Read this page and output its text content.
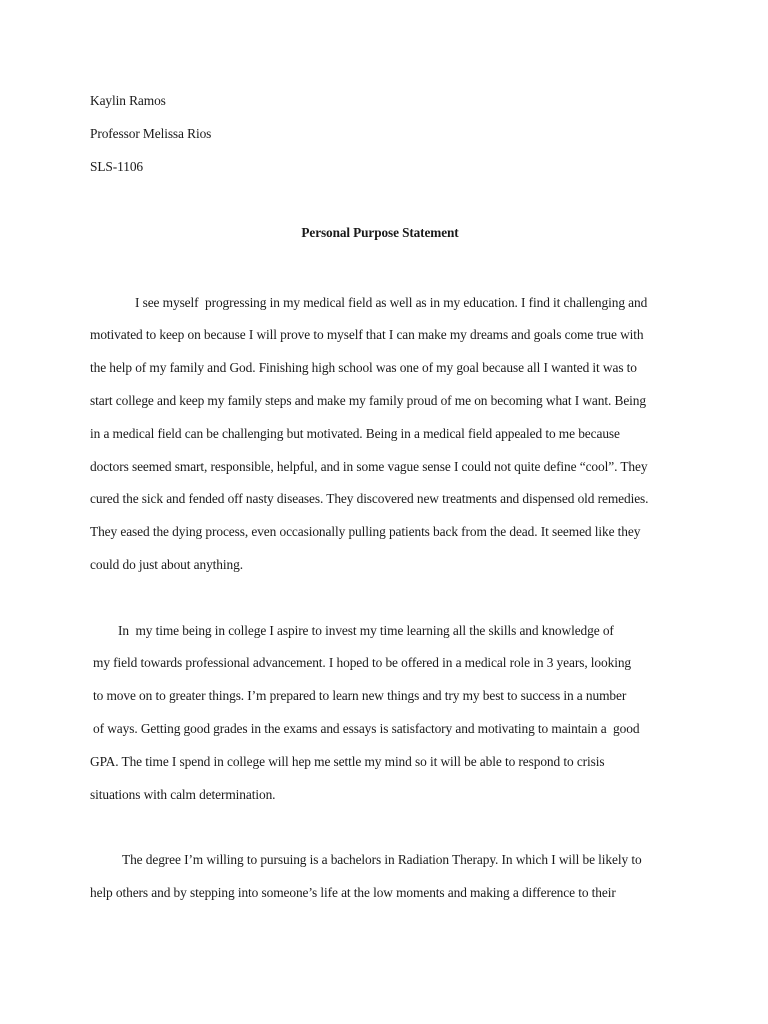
Kaylin Ramos
Professor Melissa Rios
SLS-1106
Personal Purpose Statement
I see myself  progressing in my medical field as well as in my education. I find it challenging and
motivated to keep on because I will prove to myself that I can make my dreams and goals come true with
the help of my family and God. Finishing high school was one of my goal because all I wanted it was to
start college and keep my family steps and make my family proud of me on becoming what I want. Being
in a medical field can be challenging but motivated. Being in a medical field appealed to me because
doctors seemed smart, responsible, helpful, and in some vague sense I could not quite define “cool”. They
cured the sick and fended off nasty diseases. They discovered new treatments and dispensed old remedies.
They eased the dying process, even occasionally pulling patients back from the dead. It seemed like they
could do just about anything.
In  my time being in college I aspire to invest my time learning all the skills and knowledge of
my field towards professional advancement. I hoped to be offered in a medical role in 3 years, looking
to move on to greater things. I’m prepared to learn new things and try my best to success in a number
of ways. Getting good grades in the exams and essays is satisfactory and motivating to maintain a  good
GPA. The time I spend in college will hep me settle my mind so it will be able to respond to crisis
situations with calm determination.
The degree I’m willing to pursuing is a bachelors in Radiation Therapy. In which I will be likely to
help others and by stepping into someone’s life at the low moments and making a difference to their
